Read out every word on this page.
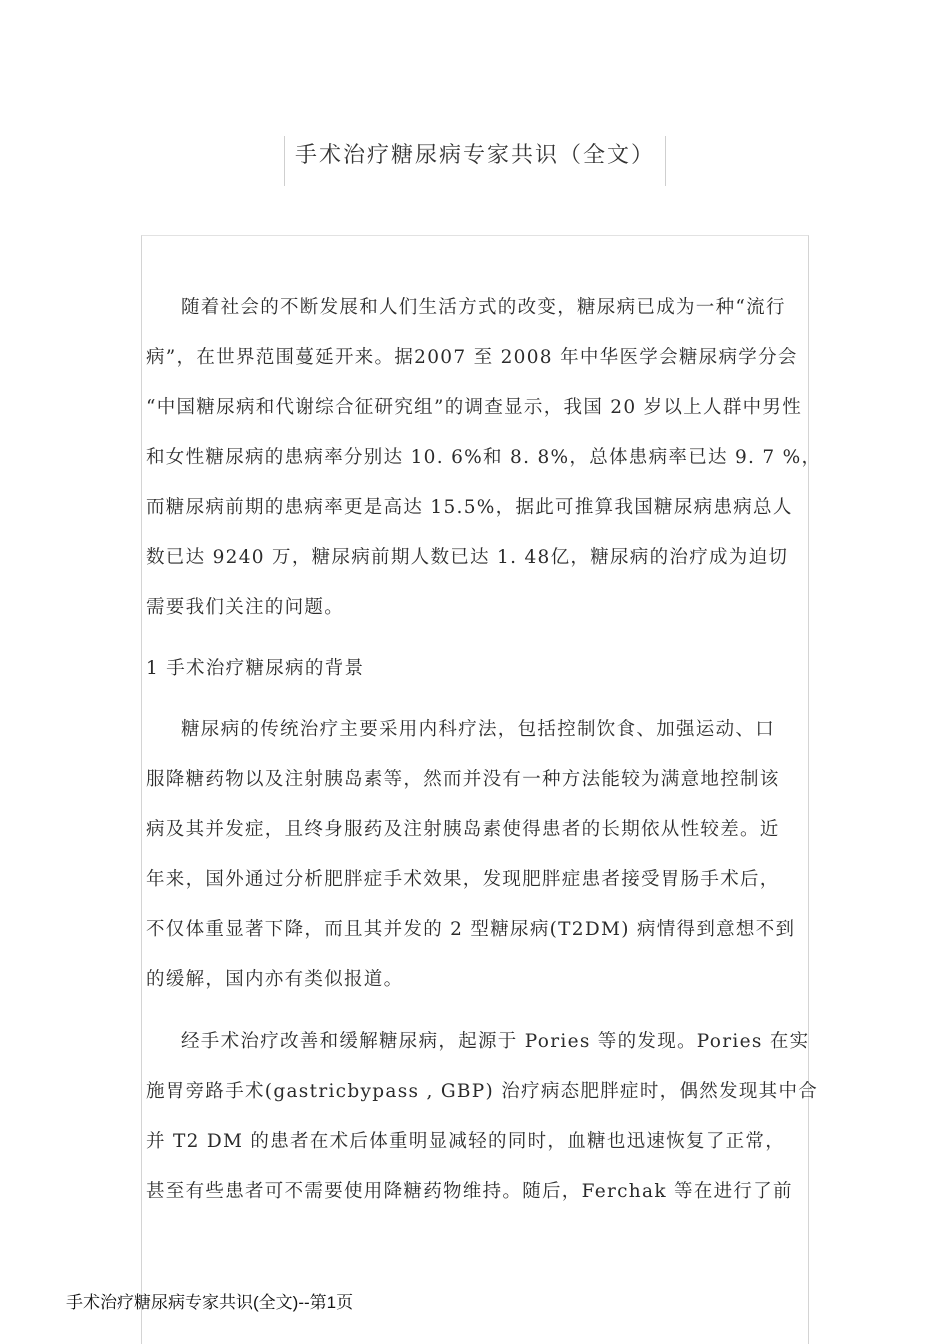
手术治疗糖尿病专家共识（全文）
随着社会的不断发展和人们生活方式的改变，糖尿病已成为一种“流行
病”，在世界范围蔓延开来。据2007 至 2008 年中华医学会糖尿病学分会
“中国糖尿病和代谢综合征研究组”的调查显示，我国 20 岁以上人群中男性
和女性糖尿病的患病率分别达 10. 6%和 8. 8%，总体患病率已达 9. 7 %，
而糖尿病前期的患病率更是高达 15.5%，据此可推算我国糖尿病患病总人
数已达 9240 万，糖尿病前期人数已达 1. 48亿，糖尿病的治疗成为迫切
需要我们关注的问题。
1 手术治疗糖尿病的背景
糖尿病的传统治疗主要采用内科疗法，包括控制饮食、加强运动、口
服降糖药物以及注射胰岛素等，然而并没有一种方法能较为满意地控制该
病及其并发症，且终身服药及注射胰岛素使得患者的长期依从性较差。近
年来，国外通过分析肥胖症手术效果，发现肥胖症患者接受胃肠手术后，
不仅体重显著下降，而且其并发的 2 型糖尿病(T2DM) 病情得到意想不到
的缓解，国内亦有类似报道。
经手术治疗改善和缓解糖尿病，起源于 Pories 等的发现。Pories 在实
施胃旁路手术(gastricbypass , GBP) 治疗病态肥胖症时，偶然发现其中合
并 T2 DM 的患者在术后体重明显减轻的同时，血糖也迅速恢复了正常，
甚至有些患者可不需要使用降糖药物维持。随后，Ferchak 等在进行了前
手术治疗糖尿病专家共识(全文)--第1页
